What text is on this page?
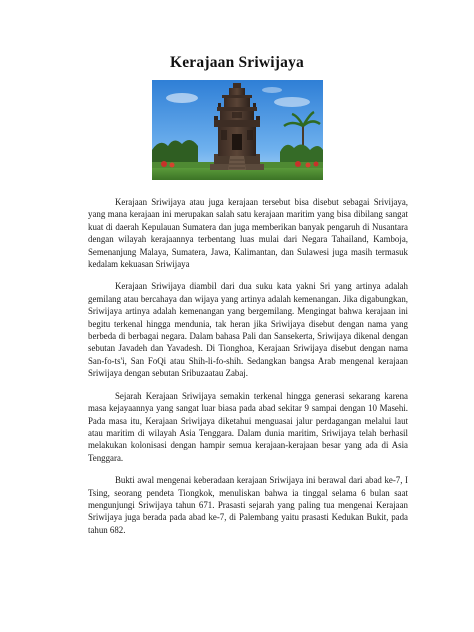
Kerajaan Sriwijaya

Kerajaan Sriwijaya atau juga kerajaan tersebut bisa disebut sebagai Srivijaya, yang mana kerajaan ini merupakan salah satu kerajaan maritim yang bisa dibilang sangat kuat di daerah Kepulauan Sumatera dan juga memberikan banyak pengaruh di Nusantara dengan wilayah kerajaannya terbentang luas mulai dari Negara Tahailand, Kamboja, Semenanjung Malaya, Sumatera, Jawa, Kalimantan, dan Sulawesi juga masih termasuk kedalam kekuasan Sriwijaya

Kerajaan Sriwijaya diambil dari dua suku kata yakni Sri yang artinya adalah gemilang atau bercahaya dan wijaya yang artinya adalah kemenangan. Jika digabungkan, Sriwijaya artinya adalah kemenangan yang bergemilang. Mengingat bahwa kerajaan ini begitu terkenal hingga mendunia, tak heran jika Sriwijaya disebut dengan nama yang berbeda di berbagai negara. Dalam bahasa Pali dan Sansekerta, Sriwijaya dikenal dengan sebutan Javadeh dan Yavadesh. Di Tionghoa, Kerajaan Sriwijaya disebut dengan nama San-fo-ts'i, San FoQi atau Shih-li-fo-shih. Sedangkan bangsa Arab mengenal kerajaan Sriwijaya dengan sebutan Sribuzaatau Zabaj.

Sejarah Kerajaan Sriwijaya semakin terkenal hingga generasi sekarang karena masa kejayaannya yang sangat luar biasa pada abad sekitar 9 sampai dengan 10 Masehi. Pada masa itu, Kerajaan Sriwijaya diketahui menguasai jalur perdagangan melalui laut atau maritim di wilayah Asia Tenggara. Dalam dunia maritim, Sriwijaya telah berhasil melakukan kolonisasi dengan hampir semua kerajaan-kerajaan besar yang ada di Asia Tenggara.

Bukti awal mengenai keberadaan kerajaan Sriwijaya ini berawal dari abad ke-7, I Tsing, seorang pendeta Tiongkok, menuliskan bahwa ia tinggal selama 6 bulan saat mengunjungi Sriwijaya tahun 671. Prasasti sejarah yang paling tua mengenai Kerajaan Sriwijaya juga berada pada abad ke-7, di Palembang yaitu prasasti Kedukan Bukit, pada tahun 682.
